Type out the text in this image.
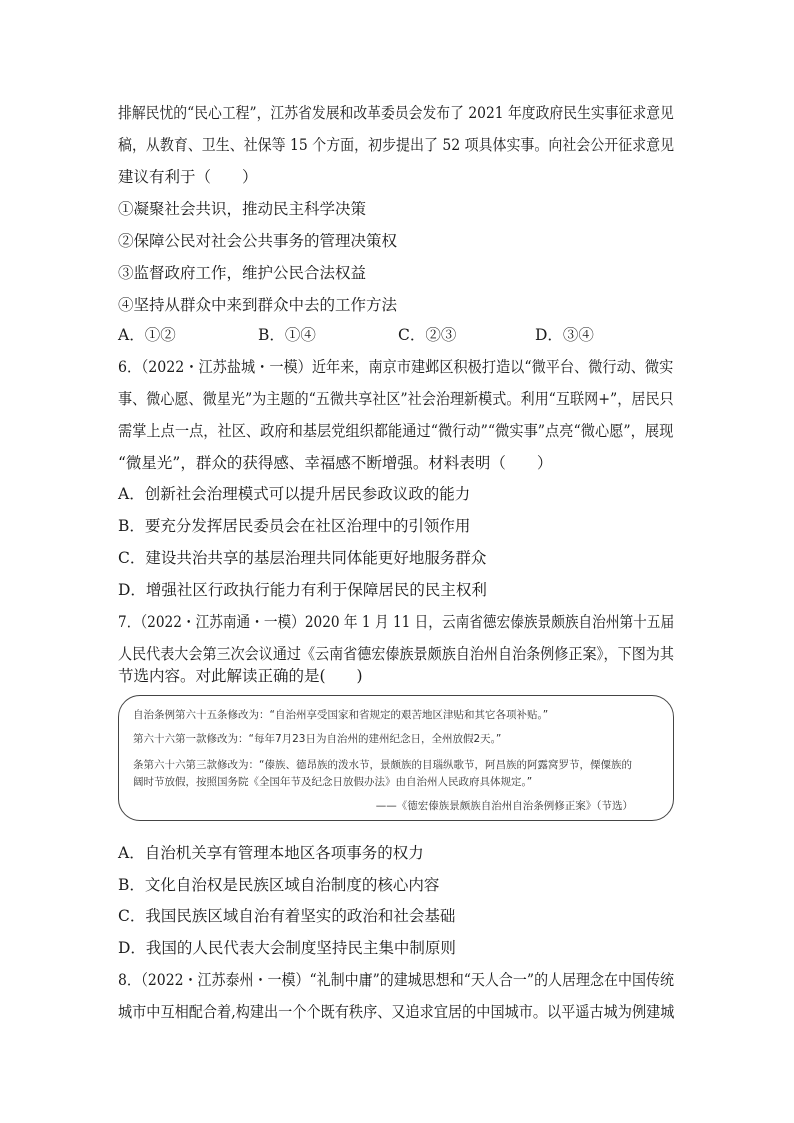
排解民忧的“民心工程”，江苏省发展和改革委员会发布了 2021 年度政府民生实事征求意见
稿，从教育、卫生、社保等 15 个方面，初步提出了 52 项具体实事。向社会公开征求意见
建议有利于（　　）
①凝聚社会共识，推动民主科学决策
②保障公民对社会公共事务的管理决策权
③监督政府工作，维护公民合法权益
④坚持从群众中来到群众中去的工作方法
A．①②	B．①④	C．②③	D．③④
6．（2022・江苏盐城・一模）近年来，南京市建邺区积极打造以“微平台、微行动、微实
事、微心愿、微星光”为主题的“五微共享社区”社会治理新模式。利用“互联网+”，居民只
需掌上点一点，社区、政府和基层党组织都能通过“微行动”“微实事”点亮“微心愿”，展现
“微星光”，群众的获得感、幸福感不断增强。材料表明（　　）
A．创新社会治理模式可以提升居民参政议政的能力
B．要充分发挥居民委员会在社区治理中的引领作用
C．建设共治共享的基层治理共同体能更好地服务群众
D．增强社区行政执行能力有利于保障居民的民主权利
7．（2022・江苏南通・一模）2020 年 1 月 11 日，云南省德宏傣族景颇族自治州第十五届
人民代表大会第三次会议通过《云南省德宏傣族景颇族自治州自治条例修正案》，下图为其
节选内容。对此解读正确的是(　　)
自治条例第六十五条修改为：“自治州享受国家和省规定的艰苦地区津贴和其它各项补贴。”
第六十六第一款修改为：“每年7月23日为自治州的建州纪念日，全州放假2天。”
条第六十六第三款修改为：“傣族、德昂族的泼水节，景颇族的目瑙纵歌节，阿昌族的阿露窝罗节，傈僳族的
阔时节放假，按照国务院《全国年节及纪念日放假办法》由自治州人民政府具体规定。”
——《德宏傣族景颇族自治州自治条例修正案》（节选）
A．自治机关享有管理本地区各项事务的权力
B．文化自治权是民族区域自治制度的核心内容
C．我国民族区域自治有着坚实的政治和社会基础
D．我国的人民代表大会制度坚持民主集中制原则
8．（2022・江苏泰州・一模）“礼制中庸”的建城思想和“天人合一”的人居理念在中国传统
城市中互相配合着,构建出一个个既有秩序、又追求宜居的中国城市。以平遥古城为例建城
